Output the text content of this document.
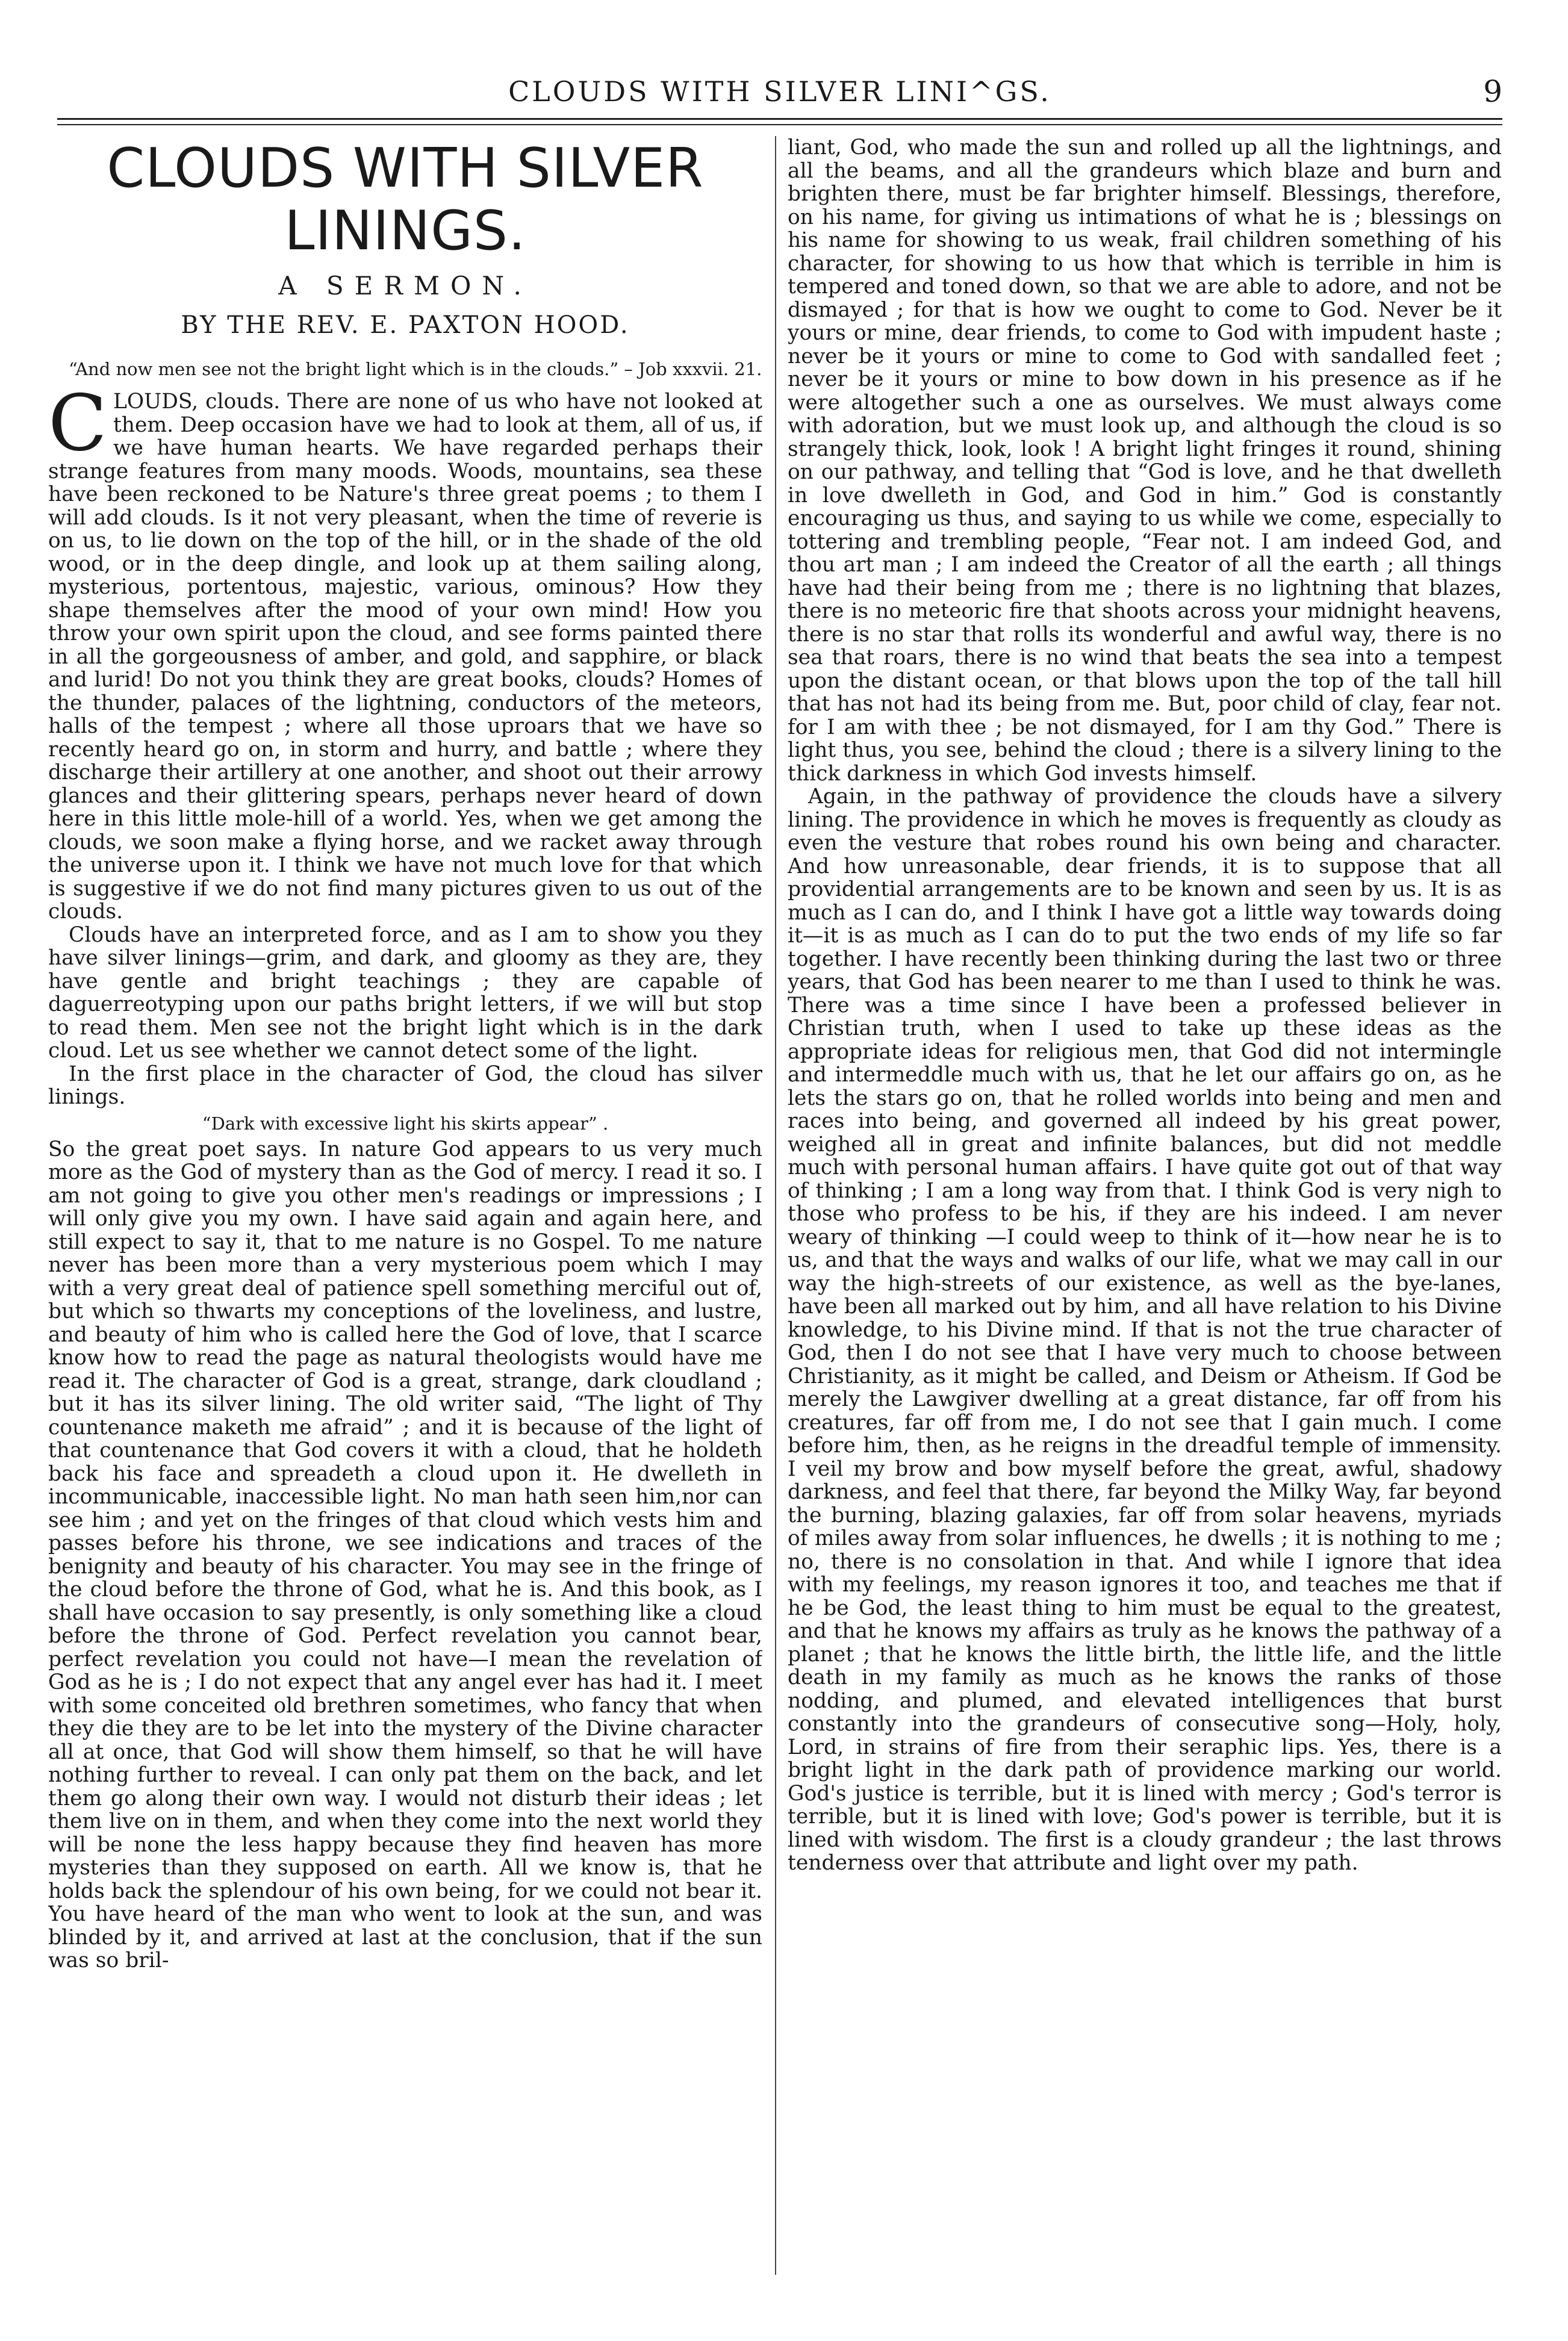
CLOUDS WITH SILVER LINI^GS.	9
CLOUDS WITH SILVER LININGS.
A SERMON.
BY THE REV. E. PAXTON HOOD.

“And now men see not the bright light which is in the clouds.” – Job xxxvii. 21.

CLOUDS, clouds. There are none of us who have not looked at them. Deep occasion have we had to look at them, all of us, if we have human hearts. We have regarded perhaps their strange features from many moods. Woods, mountains, sea these have been reckoned to be Nature's three great poems ; to them I will add clouds. Is it not very pleasant, when the time of reverie is on us, to lie down on the top of the hill, or in the shade of the old wood, or in the deep dingle, and look up at them sailing along, mysterious, portentous, majestic, various, ominous? How they shape themselves after the mood of your own mind! How you throw your own spirit upon the cloud, and see forms painted there in all the gorgeousness of amber, and gold, and sapphire, or black and lurid! Do not you think they are great books, clouds? Homes of the thunder, palaces of the lightning, conductors of the meteors, halls of the tempest ; where all those uproars that we have so recently heard go on, in storm and hurry, and battle ; where they discharge their artillery at one another, and shoot out their arrowy glances and their glittering spears, perhaps never heard of down here in this little mole-hill of a world. Yes, when we get among the clouds, we soon make a flying horse, and we racket away through the universe upon it. I think we have not much love for that which is suggestive if we do not find many pictures given to us out of the clouds.

Clouds have an interpreted force, and as I am to show you they have silver linings—grim, and dark, and gloomy as they are, they have gentle and bright teachings ; they are capable of daguerreotyping upon our paths bright letters, if we will but stop to read them. Men see not the bright light which is in the dark cloud. Let us see whether we cannot detect some of the light.

In the first place in the character of God, the cloud has silver linings.

“Dark with excessive light his skirts appear” .

So the great poet says. In nature God appears to us very much more as the God of mystery than as the God of mercy. I read it so. I am not going to give you other men's readings or impressions ; I will only give you my own. I have said again and again here, and still expect to say it, that to me nature is no Gospel. To me nature never has been more than a very mysterious poem which I may with a very great deal of patience spell something merciful out of, but which so thwarts my conceptions of the loveliness, and lustre, and beauty of him who is called here the God of love, that I scarce know how to read the page as natural theologists would have me read it. The character of God is a great, strange, dark cloudland ; but it has its silver lining. The old writer said, “The light of Thy countenance maketh me afraid” ; and it is because of the light of that countenance that God covers it with a cloud, that he holdeth back his face and spreadeth a cloud upon it. He dwelleth in incommunicable, inaccessible light. No man hath seen him,nor can see him ; and yet on the fringes of that cloud which vests him and passes before his throne, we see indications and traces of the benignity and beauty of his character. You may see in the fringe of the cloud before the throne of God, what he is. And this book, as I shall have occasion to say presently, is only something like a cloud before the throne of God. Perfect revelation you cannot bear, perfect revelation you could not have—I mean the revelation of God as he is ; I do not expect that any angel ever has had it. I meet with some conceited old brethren sometimes, who fancy that when they die they are to be let into the mystery of the Divine character all at once, that God will show them himself, so that he will have nothing further to reveal. I can only pat them on the back, and let them go along their own way. I would not disturb their ideas ; let them live on in them, and when they come into the next world they will be none the less happy because they find heaven has more mysteries than they supposed on earth. All we know is, that he holds back the splendour of his own being, for we could not bear it. You have heard of the man who went to look at the sun, and was blinded by it, and arrived at last at the conclusion, that if the sun was so bril-

liant, God, who made the sun and rolled up all the lightnings, and all the beams, and all the grandeurs which blaze and burn and brighten there, must be far brighter himself. Blessings, therefore, on his name, for giving us intimations of what he is ; blessings on his name for showing to us weak, frail children something of his character, for showing to us how that which is terrible in him is tempered and toned down, so that we are able to adore, and not be dismayed ; for that is how we ought to come to God. Never be it yours or mine, dear friends, to come to God with impudent haste ; never be it yours or mine to come to God with sandalled feet ; never be it yours or mine to bow down in his presence as if he were altogether such a one as ourselves. We must always come with adoration, but we must look up, and although the cloud is so strangely thick, look, look ! A bright light fringes it round, shining on our pathway, and telling that “God is love, and he that dwelleth in love dwelleth in God, and God in him.” God is constantly encouraging us thus, and saying to us while we come, especially to tottering and trembling people, “Fear not. I am indeed God, and thou art man ; I am indeed the Creator of all the earth ; all things have had their being from me ; there is no lightning that blazes, there is no meteoric fire that shoots across your midnight heavens, there is no star that rolls its wonderful and awful way, there is no sea that roars, there is no wind that beats the sea into a tempest upon the distant ocean, or that blows upon the top of the tall hill that has not had its being from me. But, poor child of clay, fear not. for I am with thee ; be not dismayed, for I am thy God.” There is light thus, you see, behind the cloud ; there is a silvery lining to the thick darkness in which God invests himself.

Again, in the pathway of providence the clouds have a silvery lining. The providence in which he moves is frequently as cloudy as even the vesture that robes round his own being and character. And how unreasonable, dear friends, it is to suppose that all providential arrangements are to be known and seen by us. It is as much as I can do, and I think I have got a little way towards doing it—it is as much as I can do to put the two ends of my life so far together. I have recently been thinking during the last two or three years, that God has been nearer to me than I used to think he was. There was a time since I have been a professed believer in Christian truth, when I used to take up these ideas as the appropriate ideas for religious men, that God did not intermingle and intermeddle much with us, that he let our affairs go on, as he lets the stars go on, that he rolled worlds into being and men and races into being, and governed all indeed by his great power, weighed all in great and infinite balances, but did not meddle much with personal human affairs. I have quite got out of that way of thinking ; I am a long way from that. I think God is very nigh to those who profess to be his, if they are his indeed. I am never weary of thinking —I could weep to think of it—how near he is to us, and that the ways and walks of our life, what we may call in our way the high-streets of our existence, as well as the bye-lanes, have been all marked out by him, and all have relation to his Divine knowledge, to his Divine mind. If that is not the true character of God, then I do not see that I have very much to choose between Christianity, as it might be called, and Deism or Atheism. If God be merely the Lawgiver dwelling at a great distance, far off from his creatures, far off from me, I do not see that I gain much. I come before him, then, as he reigns in the dreadful temple of immensity. I veil my brow and bow myself before the great, awful, shadowy darkness, and feel that there, far beyond the Milky Way, far beyond the burning, blazing galaxies, far off from solar heavens, myriads of miles away from solar influences, he dwells ; it is nothing to me ; no, there is no consolation in that. And while I ignore that idea with my feelings, my reason ignores it too, and teaches me that if he be God, the least thing to him must be equal to the greatest, and that he knows my affairs as truly as he knows the pathway of a planet ; that he knows the little birth, the little life, and the little death in my family as much as he knows the ranks of those nodding, and plumed, and elevated intelligences that burst constantly into the grandeurs of consecutive song—Holy, holy, Lord, in strains of fire from their seraphic lips. Yes, there is a bright light in the dark path of providence marking our world. God's justice is terrible, but it is lined with mercy ; God's terror is terrible, but it is lined with love; God's power is terrible, but it is lined with wisdom. The first is a cloudy grandeur ; the last throws tenderness over that attribute and light over my path.
